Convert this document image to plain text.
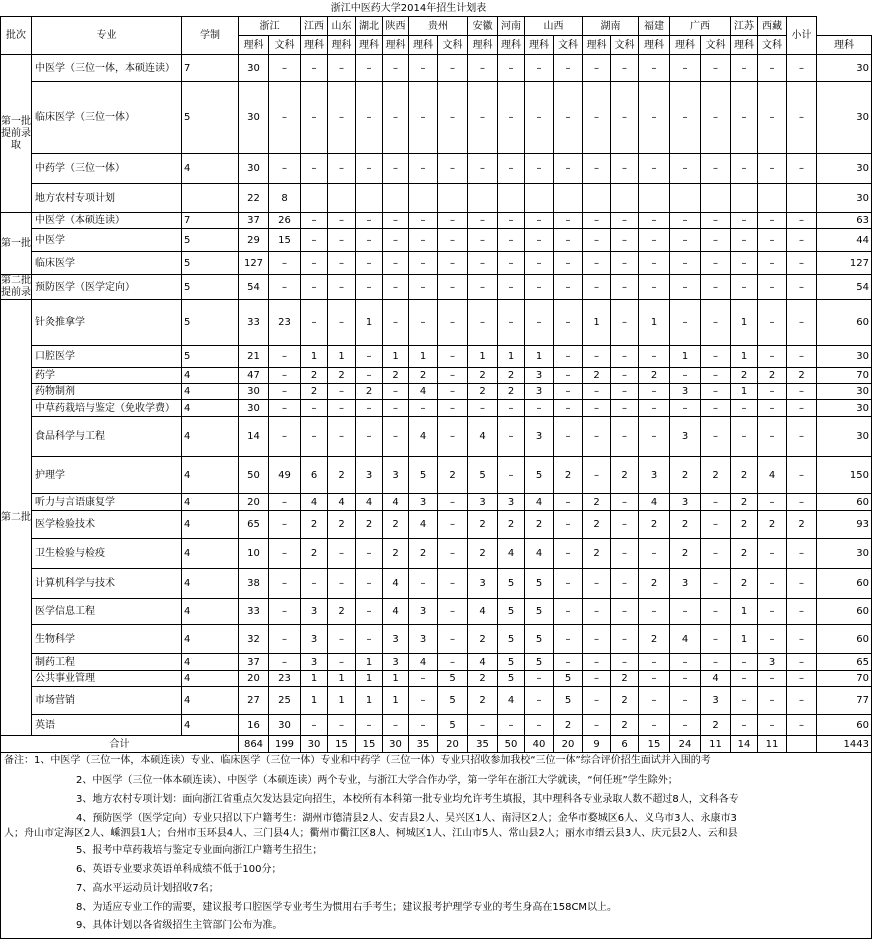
浙江中医药大学2014年招生计划表																							
批次	专业	学制	浙江		江西	山东	湖北	陕西	贵州		安徽	河南	山西		湖南		福建	广西		江苏	西藏	小计	
			理科	文科	理科	理科	理科	理科	理科	文科	理科	理科	理科	文科	理科	文科	理科	理科	文科	理科	文科		理科
第一批提前录取	中医学（三位一体，本硕连读）	7	30	–	–	–	–	–	–	–	–	–	–	–	–	–	–	–	–	–	–	–	30
	临床医学（三位一体）	5	30	–	–	–	–	–	–	–	–	–	–	–	–	–	–	–	–	–	–	–	30
	中药学（三位一体）	4	30	–	–	–	–	–	–	–	–	–	–	–	–	–	–	–	–	–	–	–	30
	地方农村专项计划		22	8																			30
第一批	中医学（本硕连读）	7	37	26	–	–	–	–	–	–	–	–	–	–	–	–	–	–	–	–	–	–	63
	中医学	5	29	15	–	–	–	–	–	–	–	–	–	–	–	–	–	–	–	–	–	–	44
	临床医学	5	127	–	–	–	–	–	–	–	–	–	–	–	–	–	–	–	–	–	–	–	127
第二批提前录	预防医学（医学定向）	5	54	–	–	–	–	–	–	–	–	–	–	–	–	–	–	–	–	–	–	–	54
第二批	针灸推拿学	5	33	23	–	–	1	–	–	–	–	–	–	–	1	–	1	–	–	1	–	–	60
	口腔医学	5	21	–	1	1	–	1	1	–	1	1	1	–	–	–	–	1	–	1	–	–	30
	药学	4	47	–	2	2	–	2	2	–	2	2	3	–	2	–	2	–	–	2	2	2	70
	药物制剂	4	30	–	2	–	2	–	4	–	2	2	3	–	–	–	–	3	–	1	–	–	30
	中草药栽培与鉴定（免收学费）	4	30	–	–	–	–	–	–	–	–	–	–	–	–	–	–	–	–	–	–	–	30
	食品科学与工程	4	14	–	–	–	–	–	4	–	4	–	3	–	–	–	–	3	–	–	–	–	30
	护理学	4	50	49	6	2	3	3	5	2	5	–	5	2	–	2	3	2	2	2	4	–	150
	听力与言语康复学	4	20	–	4	4	4	4	3	–	3	3	4	–	2	–	4	3	–	2	–	–	60
	医学检验技术	4	65	–	2	2	2	2	4	–	2	2	2	–	2	–	2	2	–	2	2	2	93
	卫生检验与检疫	4	10	–	2	–	–	2	2	–	2	4	4	–	2	–	–	2	–	2	–	–	30
	计算机科学与技术	4	38	–	–	–	–	4	–	–	3	5	5	–	–	–	2	3	–	2	–	–	60
	医学信息工程	4	33	–	3	2	–	4	3	–	4	5	5	–	–	–	–	–	–	1	–	–	60
	生物科学	4	32	–	3	–	–	3	3	–	2	5	5	–	–	–	2	4	–	1	–	–	60
	制药工程	4	37	–	3	–	1	3	4	–	4	5	5	–	–	–	–	–	–	–	3	–	65
	公共事业管理	4	20	23	1	1	1	1	–	5	2	5	–	5	–	2	–	–	4	–	–	–	70
	市场营销	4	27	25	1	1	1	1	–	5	2	4	–	5	–	2	–	–	3	–	–	–	77
	英语	4	16	30	–	–	–	–	–	5	–	–	–	2	–	2	–	–	2	–	–	–	60
合计			864	199	30	15	15	30	35	20	35	50	40	20	9	6	15	24	11	14	11		1443
备注：1、中医学（三位一体，本硕连读）专业、临床医学（三位一体）专业和中药学（三位一体）专业只招收参加我校“三位一体”综合评价招生面试并入围的考
2、中医学（三位一体本硕连读）、中医学（本硕连读）两个专业，与浙江大学合作办学，第一学年在浙江大学就读，“何任班”学生除外；
3、地方农村专项计划：面向浙江省重点欠发达县定向招生，本校所有本科第一批专业均允许考生填报，其中理科各专业录取人数不超过8人，文科各专
4、预防医学（医学定向）专业只招以下户籍考生：湖州市德清县2人、安吉县2人、吴兴区1人、南浔区2人；金华市婺城区6人、义乌市3人、永康市3
人；舟山市定海区2人、嵊泗县1人；台州市玉环县4人、三门县4人；衢州市衢江区8人、柯城区1人、江山市5人、常山县2人；丽水市缙云县3人、庆元县2人、云和县
5、报考中草药栽培与鉴定专业面向浙江户籍考生招生；
6、英语专业要求英语单科成绩不低于100分；
7、高水平运动员计划招收7名；
8、为适应专业工作的需要，建议报考口腔医学专业考生为惯用右手考生；建议报考护理学专业的考生身高在158CM以上。
9、具体计划以各省级招生主管部门公布为准。
